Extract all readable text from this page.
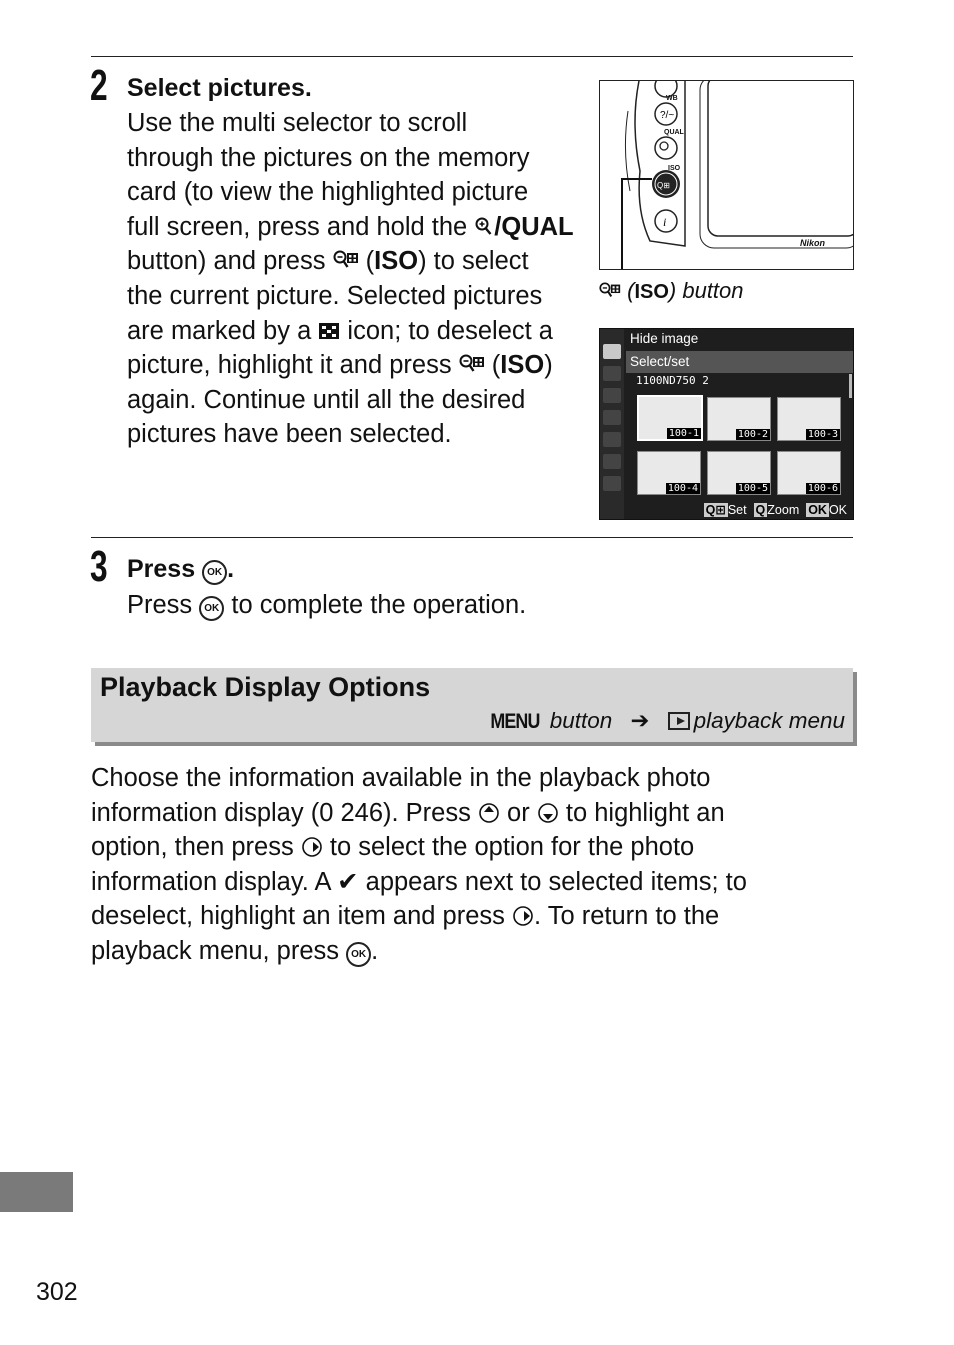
2 Select pictures.
Use the multi selector to scroll
through the pictures on the memory
card (to view the highlighted picture
full screen, press and hold the /QUAL
button) and press  (ISO) to select
the current picture. Selected pictures
are marked by a  icon; to deselect a
picture, highlight it and press  (ISO)
again. Continue until all the desired
pictures have been selected.
?/~
Q⊞
i
WB
QUAL
ISO
Nikon
(ISO) button
Hide image
Select/set
1100ND750 2
100-1	100-2	100-3
100-4	100-5	100-6
Q⊞ Set Q Zoom OK OK
3 Press OK .
Press OK to complete the operation.
Playback Display Options
MENU button ➔ playback menu
Choose the information available in the playback photo
information display (0 246). Press  or  to highlight an
option, then press  to select the option for the photo
information display. A ✔ appears next to selected items; to
deselect, highlight an item and press . To return to the
playback menu, press OK .
302
